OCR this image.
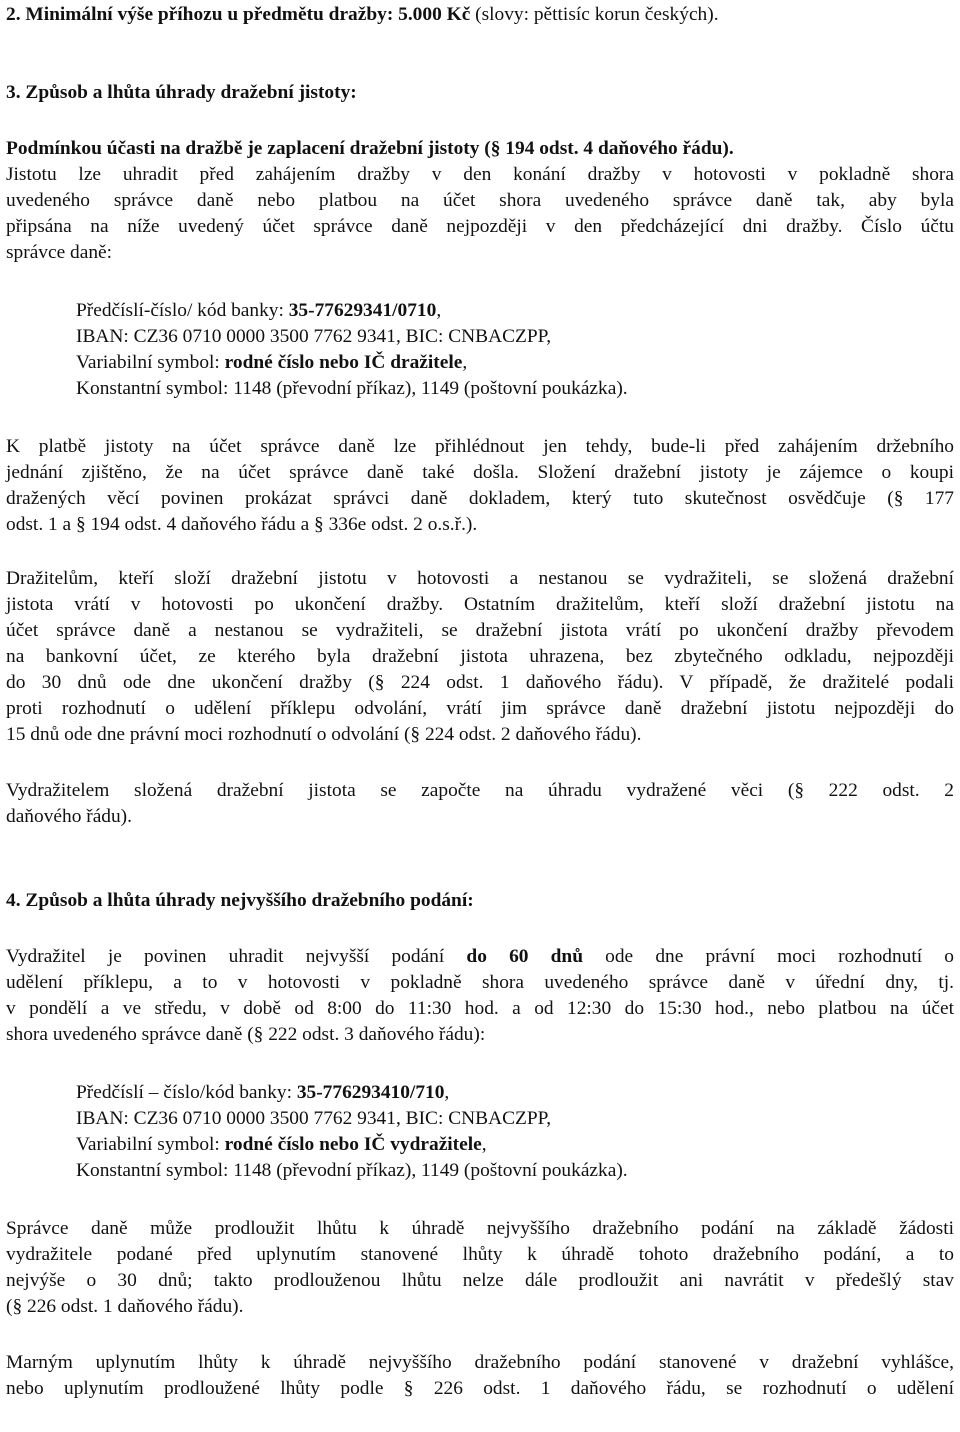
2. Minimální výše příhozu u předmětu dražby: 5.000 Kč (slovy: pěttisíc korun českých).
3. Způsob a lhůta úhrady dražební jistoty:
Podmínkou účasti na dražbě je zaplacení dražební jistoty (§ 194 odst. 4 daňového řádu).
Jistotu lze uhradit před zahájením dražby v den konání dražby v hotovosti v pokladně shora
uvedeného správce daně nebo platbou na účet shora uvedeného správce daně tak, aby byla
připsána na níže uvedený účet správce daně nejpozději v den předcházející dni dražby. Číslo účtu
správce daně:
Předčíslí-číslo/ kód banky: 35-77629341/0710,
IBAN: CZ36 0710 0000 3500 7762 9341, BIC: CNBACZPP,
Variabilní symbol: rodné číslo nebo IČ dražitele,
Konstantní symbol: 1148 (převodní příkaz), 1149 (poštovní poukázka).
K platbě jistoty na účet správce daně lze přihlédnout jen tehdy, bude-li před zahájením držebního
jednání zjištěno, že na účet správce daně také došla. Složení dražební jistoty je zájemce o koupi
dražených věcí povinen prokázat správci daně dokladem, který tuto skutečnost osvědčuje (§ 177
odst. 1 a § 194 odst. 4 daňového řádu a § 336e odst. 2 o.s.ř.).
Dražitelům, kteří složí dražební jistotu v hotovosti a nestanou se vydražiteli, se složená dražební
jistota vrátí v hotovosti po ukončení dražby. Ostatním dražitelům, kteří složí dražební jistotu na
účet správce daně a nestanou se vydražiteli, se dražební jistota vrátí po ukončení dražby převodem
na bankovní účet, ze kterého byla dražební jistota uhrazena, bez zbytečného odkladu, nejpozději
do 30 dnů ode dne ukončení dražby (§ 224 odst. 1 daňového řádu). V případě, že dražitelé podali
proti rozhodnutí o udělení příklepu odvolání, vrátí jim správce daně dražební jistotu nejpozději do
15 dnů ode dne právní moci rozhodnutí o odvolání (§ 224 odst. 2 daňového řádu).
Vydražitelem složená dražební jistota se započte na úhradu vydražené věci (§ 222 odst. 2
daňového řádu).
4. Způsob a lhůta úhrady nejvyššího dražebního podání:
Vydražitel je povinen uhradit nejvyšší podání do 60 dnů ode dne právní moci rozhodnutí o
udělení příklepu, a to v hotovosti v pokladně shora uvedeného správce daně v úřední dny, tj.
v pondělí a ve středu, v době od 8:00 do 11:30 hod. a od 12:30 do 15:30 hod., nebo platbou na účet
shora uvedeného správce daně (§ 222 odst. 3 daňového řádu):
Předčíslí – číslo/kód banky: 35-776293410/710,
IBAN: CZ36 0710 0000 3500 7762 9341, BIC: CNBACZPP,
Variabilní symbol: rodné číslo nebo IČ vydražitele,
Konstantní symbol: 1148 (převodní příkaz), 1149 (poštovní poukázka).
Správce daně může prodloužit lhůtu k úhradě nejvyššího dražebního podání na základě žádosti
vydražitele podané před uplynutím stanovené lhůty k úhradě tohoto dražebního podání, a to
nejvýše o 30 dnů; takto prodlouženou lhůtu nelze dále prodloužit ani navrátit v předešlý stav
(§ 226 odst. 1 daňového řádu).
Marným uplynutím lhůty k úhradě nejvyššího dražebního podání stanovené v dražební vyhlášce,
nebo uplynutím prodloužené lhůty podle § 226 odst. 1 daňového řádu, se rozhodnutí o udělení
